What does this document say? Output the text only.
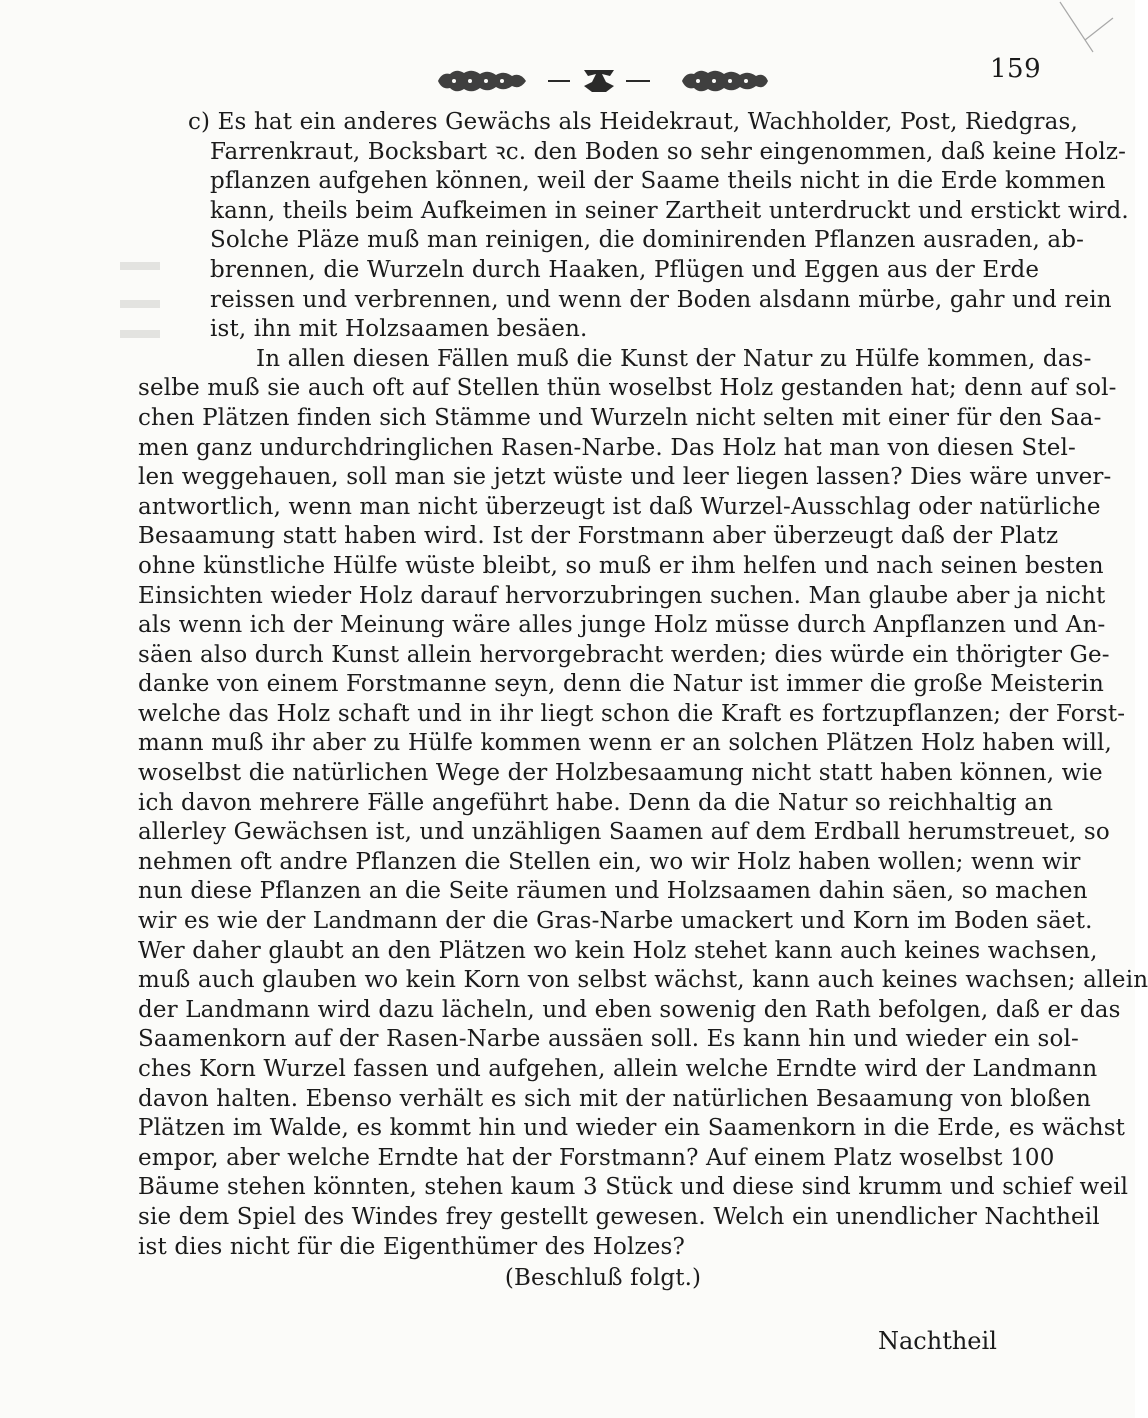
159
c) Es hat ein anderes Gewächs als Heidekraut, Wachholder, Post, Riedgras,
Farrenkraut, Bocksbart ꝛc. den Boden so sehr eingenommen, daß keine Holz-
pflanzen aufgehen können, weil der Saame theils nicht in die Erde kommen
kann, theils beim Aufkeimen in seiner Zartheit unterdruckt und erstickt wird.
Solche Pläze muß man reinigen, die dominirenden Pflanzen ausraden, ab-
brennen, die Wurzeln durch Haaken, Pflügen und Eggen aus der Erde
reissen und verbrennen, und wenn der Boden alsdann mürbe, gahr und rein
ist, ihn mit Holzsaamen besäen.
In allen diesen Fällen muß die Kunst der Natur zu Hülfe kommen, das-
selbe muß sie auch oft auf Stellen thün woselbst Holz gestanden hat; denn auf sol-
chen Plätzen finden sich Stämme und Wurzeln nicht selten mit einer für den Saa-
men ganz undurchdringlichen Rasen-Narbe. Das Holz hat man von diesen Stel-
len weggehauen, soll man sie jetzt wüste und leer liegen lassen? Dies wäre unver-
antwortlich, wenn man nicht überzeugt ist daß Wurzel-Ausschlag oder natürliche
Besaamung statt haben wird. Ist der Forstmann aber überzeugt daß der Platz
ohne künstliche Hülfe wüste bleibt, so muß er ihm helfen und nach seinen besten
Einsichten wieder Holz darauf hervorzubringen suchen. Man glaube aber ja nicht
als wenn ich der Meinung wäre alles junge Holz müsse durch Anpflanzen und An-
säen also durch Kunst allein hervorgebracht werden; dies würde ein thörigter Ge-
danke von einem Forstmanne seyn, denn die Natur ist immer die große Meisterin
welche das Holz schaft und in ihr liegt schon die Kraft es fortzupflanzen; der Forst-
mann muß ihr aber zu Hülfe kommen wenn er an solchen Plätzen Holz haben will,
woselbst die natürlichen Wege der Holzbesaamung nicht statt haben können, wie
ich davon mehrere Fälle angeführt habe. Denn da die Natur so reichhaltig an
allerley Gewächsen ist, und unzähligen Saamen auf dem Erdball herumstreuet, so
nehmen oft andre Pflanzen die Stellen ein, wo wir Holz haben wollen; wenn wir
nun diese Pflanzen an die Seite räumen und Holzsaamen dahin säen, so machen
wir es wie der Landmann der die Gras-Narbe umackert und Korn im Boden säet.
Wer daher glaubt an den Plätzen wo kein Holz stehet kann auch keines wachsen,
muß auch glauben wo kein Korn von selbst wächst, kann auch keines wachsen; allein
der Landmann wird dazu lächeln, und eben sowenig den Rath befolgen, daß er das
Saamenkorn auf der Rasen-Narbe aussäen soll. Es kann hin und wieder ein sol-
ches Korn Wurzel fassen und aufgehen, allein welche Erndte wird der Landmann
davon halten. Ebenso verhält es sich mit der natürlichen Besaamung von bloßen
Plätzen im Walde, es kommt hin und wieder ein Saamenkorn in die Erde, es wächst
empor, aber welche Erndte hat der Forstmann? Auf einem Platz woselbst 100
Bäume stehen könnten, stehen kaum 3 Stück und diese sind krumm und schief weil
sie dem Spiel des Windes frey gestellt gewesen. Welch ein unendlicher Nachtheil
ist dies nicht für die Eigenthümer des Holzes?
(Beschluß folgt.)
Nachtheil
